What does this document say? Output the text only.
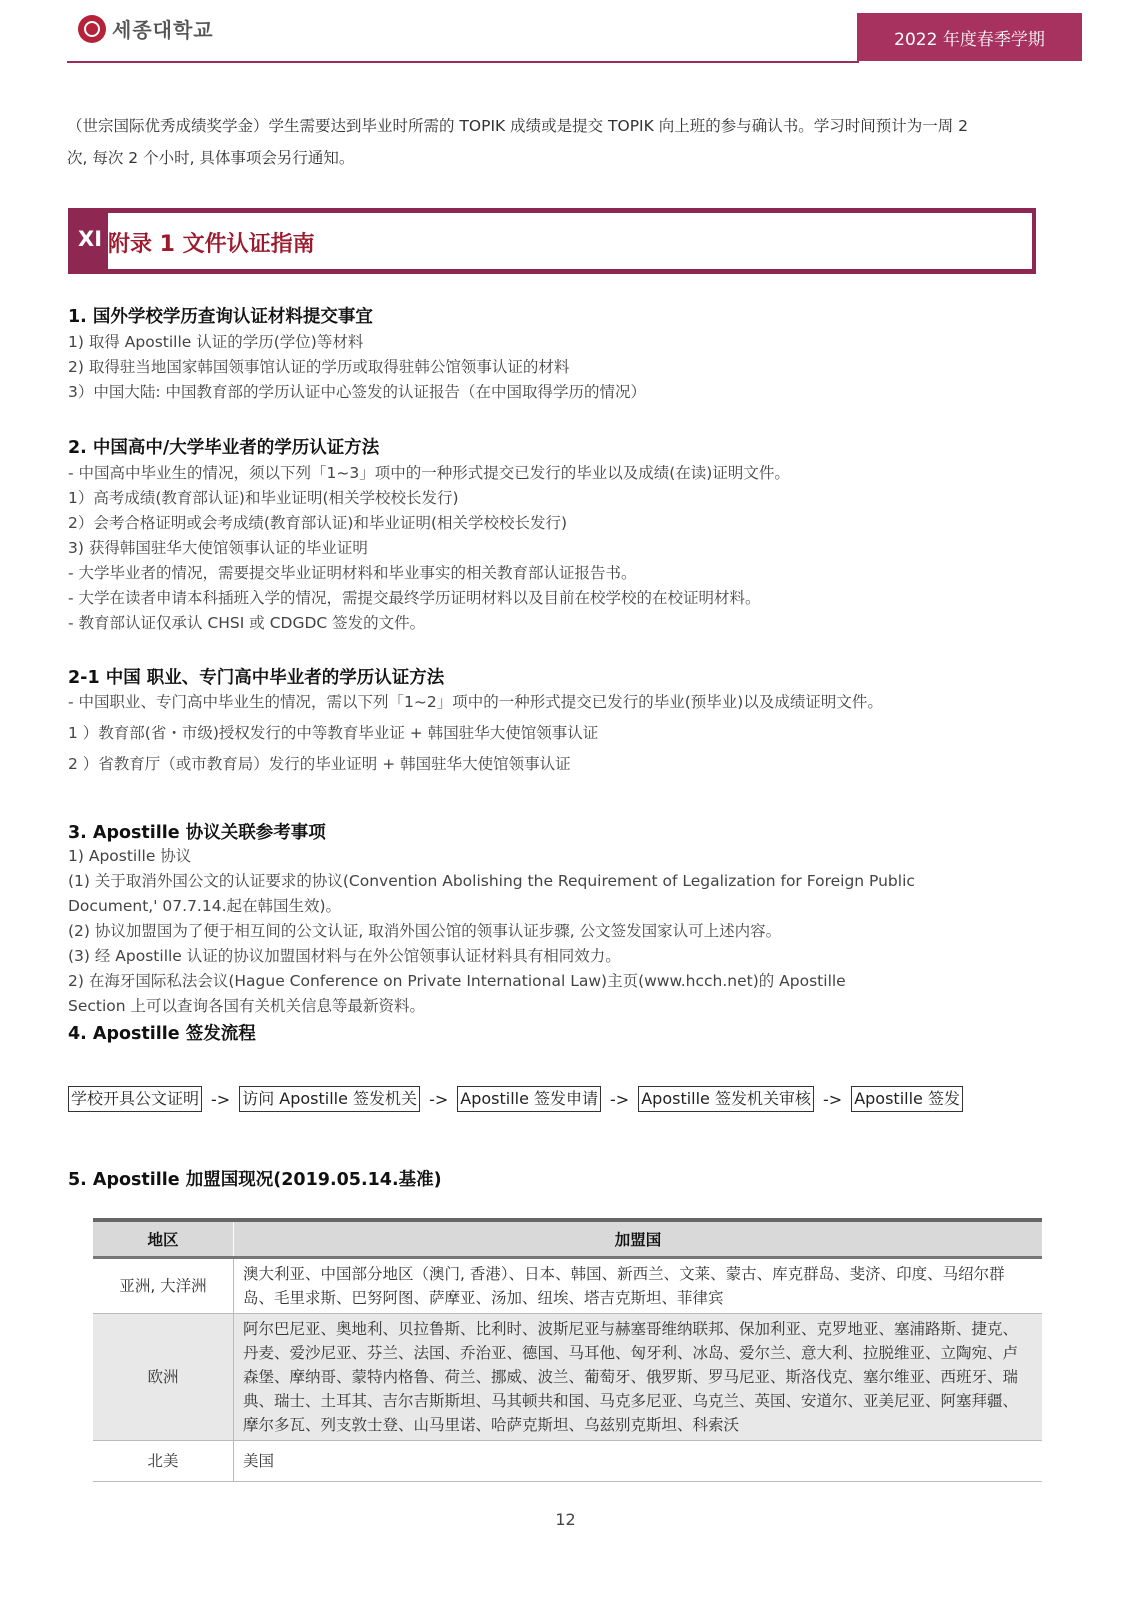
세종대학교	2022 年度春季学期
（世宗国际优秀成绩奖学金）学生需要达到毕业时所需的 TOPIK 成绩或是提交 TOPIK 向上班的参与确认书。学习时间预计为一周 2
次, 每次 2 个小时, 具体事项会另行通知。
XI 附录 1 文件认证指南
1. 国外学校学历查询认证材料提交事宜
1) 取得 Apostille 认证的学历(学位)等材料
2) 取得驻当地国家韩国领事馆认证的学历或取得驻韩公馆领事认证的材料
3）中国大陆: 中国教育部的学历认证中心签发的认证报告（在中国取得学历的情况）
2. 中国高中/大学毕业者的学历认证方法
- 中国高中毕业生的情况，须以下列「1~3」项中的一种形式提交已发行的毕业以及成绩(在读)证明文件。
1）高考成绩(教育部认证)和毕业证明(相关学校校长发行)
2）会考合格证明或会考成绩(教育部认证)和毕业证明(相关学校校长发行)
3) 获得韩国驻华大使馆领事认证的毕业证明
- 大学毕业者的情况，需要提交毕业证明材料和毕业事实的相关教育部认证报告书。
- 大学在读者申请本科插班入学的情况，需提交最终学历证明材料以及目前在校学校的在校证明材料。
- 教育部认证仅承认 CHSI 或 CDGDC 签发的文件。
2-1 中国 职业、专门高中毕业者的学历认证方法
- 中国职业、专门高中毕业生的情况，需以下列「1~2」项中的一种形式提交已发行的毕业(预毕业)以及成绩证明文件。
1 ）教育部(省・市级)授权发行的中等教育毕业证 + 韩国驻华大使馆领事认证
2 ）省教育厅（或市教育局）发行的毕业证明 + 韩国驻华大使馆领事认证
3. Apostille 协议关联参考事项
1) Apostille 协议
(1) 关于取消外国公文的认证要求的协议(Convention Abolishing the Requirement of Legalization for Foreign Public
Document,' 07.7.14.起在韩国生效)。
(2) 协议加盟国为了便于相互间的公文认证, 取消外国公馆的领事认证步骤, 公文签发国家认可上述内容。
(3) 经 Apostille 认证的协议加盟国材料与在外公馆领事认证材料具有相同效力。
2) 在海牙国际私法会议(Hague Conference on Private International Law)主页(www.hcch.net)的 Apostille
Section 上可以查询各国有关机关信息等最新资料。
4. Apostille 签发流程
学校开具公文证明 -> 访问 Apostille 签发机关 -> Apostille 签发申请 -> Apostille 签发机关审核 -> Apostille 签发
5. Apostille 加盟国现况(2019.05.14.基准)
地区	加盟国
亚洲, 大洋洲	澳大利亚、中国部分地区（澳门, 香港）、日本、韩国、新西兰、文莱、蒙古、库克群岛、斐济、印度、马绍尔群岛、毛里求斯、巴努阿图、萨摩亚、汤加、纽埃、塔吉克斯坦、菲律宾
欧洲	阿尔巴尼亚、奥地利、贝拉鲁斯、比利时、波斯尼亚与赫塞哥维纳联邦、保加利亚、克罗地亚、塞浦路斯、捷克、丹麦、爱沙尼亚、芬兰、法国、乔治亚、德国、马耳他、匈牙利、冰岛、爱尔兰、意大利、拉脱维亚、立陶宛、卢森堡、摩纳哥、蒙特内格鲁、荷兰、挪威、波兰、葡萄牙、俄罗斯、罗马尼亚、斯洛伐克、塞尔维亚、西班牙、瑞典、瑞士、土耳其、吉尔吉斯斯坦、马其顿共和国、马克多尼亚、乌克兰、英国、安道尔、亚美尼亚、阿塞拜疆、摩尔多瓦、列支敦士登、山马里诺、哈萨克斯坦、乌兹别克斯坦、科索沃
北美	美国
12
